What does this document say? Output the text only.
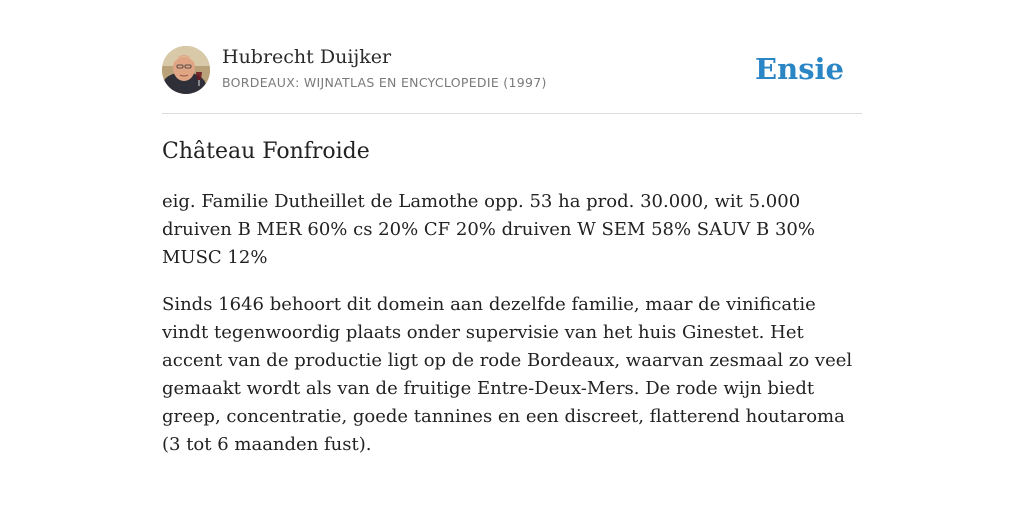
Hubrecht Duijker
BORDEAUX: WIJNATLAS EN ENCYCLOPEDIE (1997)	Ensie
Château Fonfroide

eig. Familie Dutheillet de Lamothe opp. 53 ha prod. 30.000, wit 5.000 druiven B MER 60% cs 20% CF 20% druiven W SEM 58% SAUV B 30% MUSC 12%

Sinds 1646 behoort dit domein aan dezelfde familie, maar de vinificatie vindt tegenwoordig plaats onder supervisie van het huis Ginestet. Het accent van de productie ligt op de rode Bordeaux, waarvan zesmaal zo veel gemaakt wordt als van de fruitige Entre-Deux-Mers. De rode wijn biedt greep, concentratie, goede tannines en een discreet, flatterend houtaroma (3 tot 6 maanden fust).
